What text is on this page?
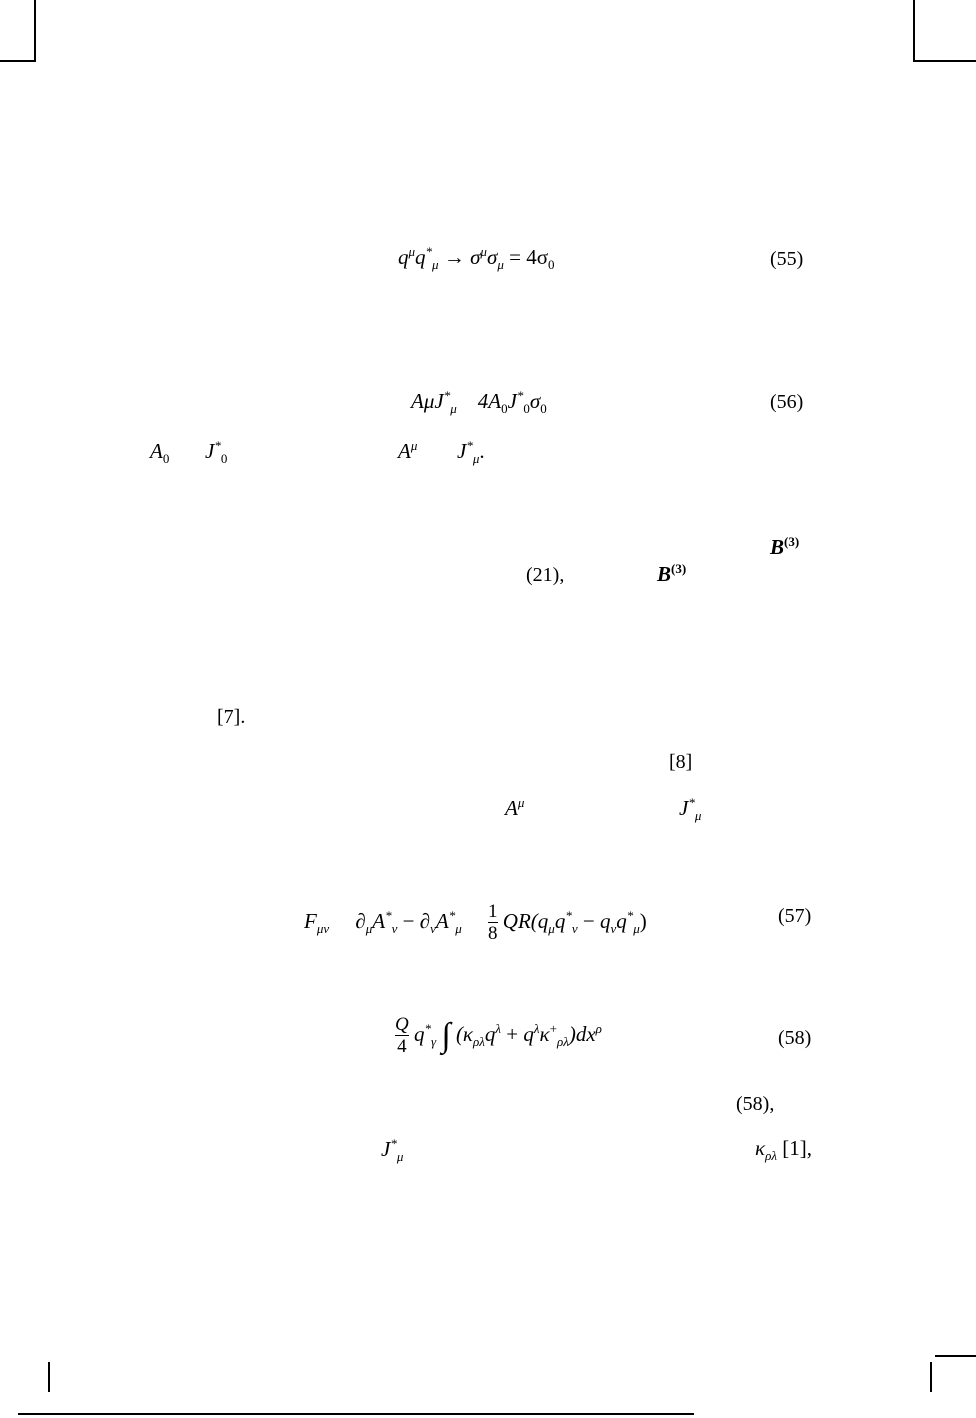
$q^\mu q^*_\mu \to \sigma^\mu\sigma_\mu = 4\sigma_0$	(55)
AμJ*$_\mu$ $4A_0J^*_0\sigma_0$	(56)
$A_0$ $J^*_0$	$A^\mu$ $J^*_\mu$.
$B^{(3)}$
(21),	$B^{(3)}$
[7].
[8]
$A^\mu$	$J^*_\mu$
$F_{\mu\nu}$ $\partial_\mu A^*_\nu - \partial_\nu A^*_\mu \frac{1}{8} QR(q_\mu q^*_\nu - q_\nu q^*_\mu)$	(57)
$\frac{Q}{4} q^*_\gamma$ ∫ $(\kappa_{\rho\lambda}q^\lambda + q^\lambda\kappa^+_{\rho\lambda})dx^\rho$	(58)
(58),
$J^*_\mu$	$\kappa_{\rho\lambda}$ [1],
